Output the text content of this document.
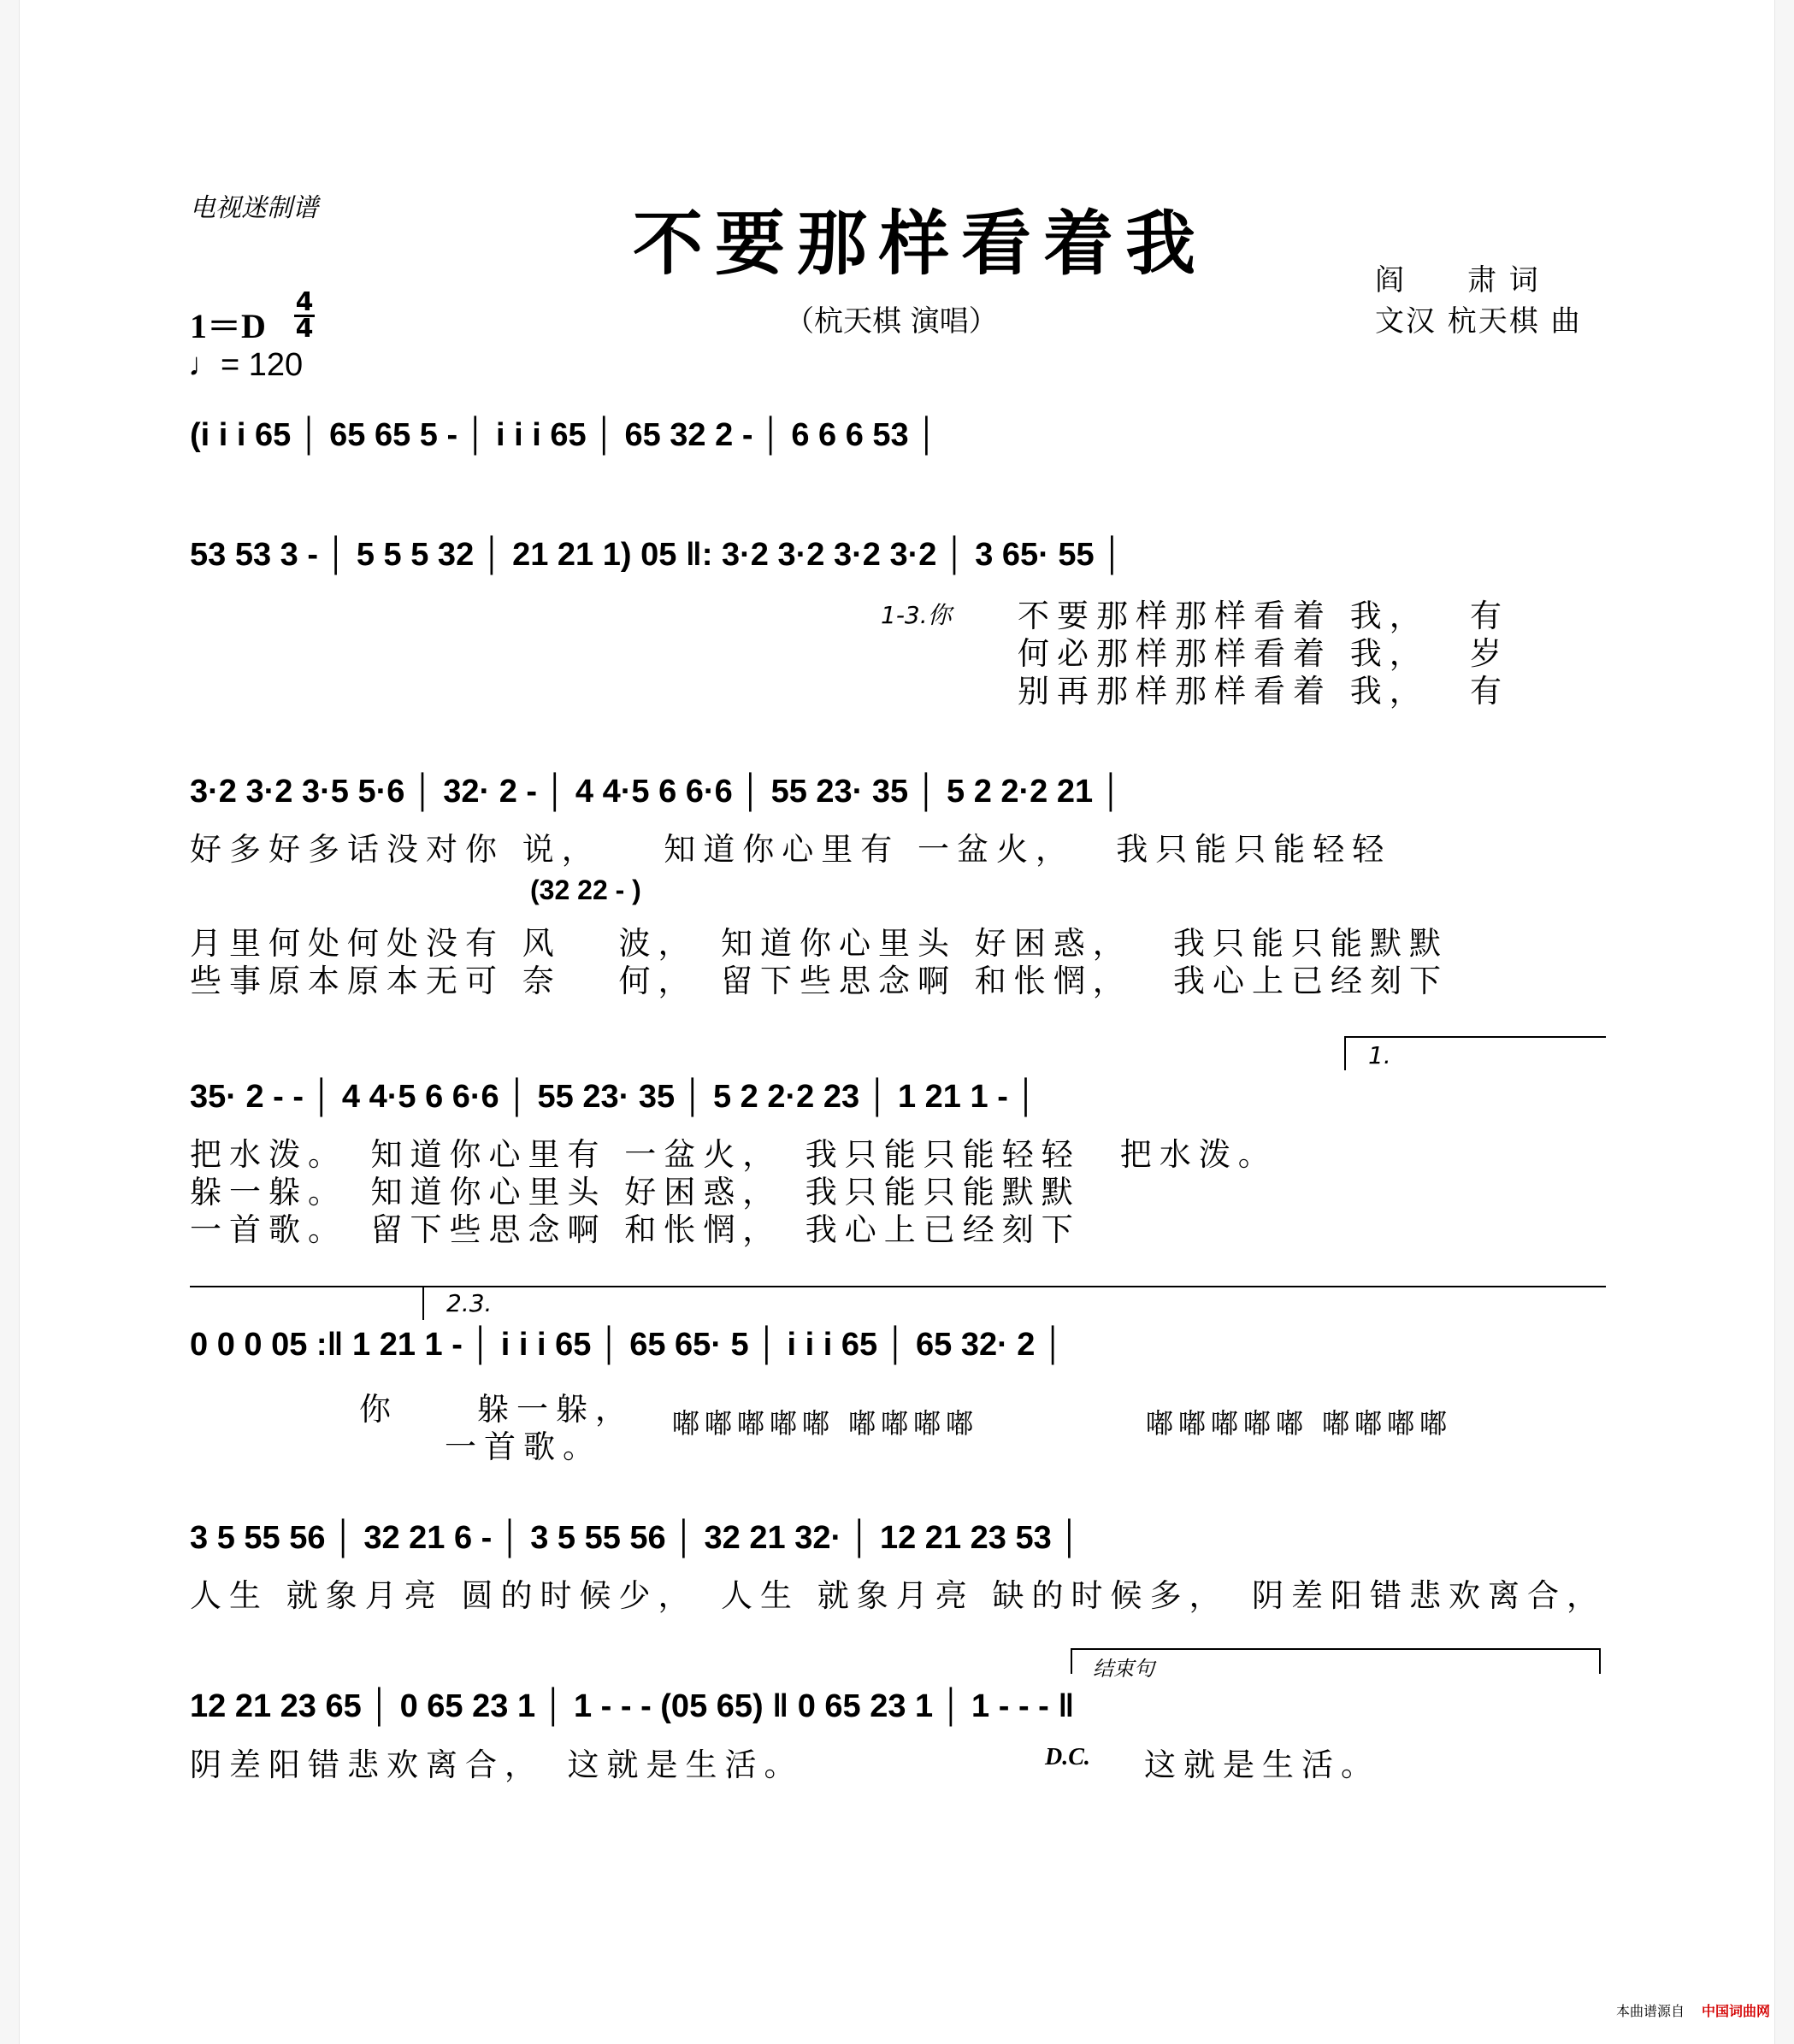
电视迷制谱	不要那样看着我
（杭天棋 演唱）
阎　　肃 词
文汉 杭天棋 曲
1＝D
4
4
♩= 120
(i i i 65 │ 65 65 5 - │ i i i 65 │ 65 32 2 - │ 6 6 6 53 │
53 53 3 - │ 5 5 5 32 │ 21 21 1) 05 ‖: 3·2 3·2 3·2 3·2 │ 3 65· 55 │
3·2 3·2 3·5 5·6 │ 32· 2 - │ 4 4·5 6 6·6 │ 55 23· 35 │ 5 2 2·2 21 │
35· 2 - - │ 4 4·5 6 6·6 │ 55 23· 35 │ 5 2 2·2 23 │ 1 21 1 - │
0 0 0 05 :‖ 1 21 1 - │ i i i 65 │ 65 65· 5 │ i i i 65 │ 65 32· 2 │
3 5 55 56 │ 32 21 6 - │ 3 5 55 56 │ 32 21 32· │ 12 21 23 53 │
12 21 23 65 │ 0 65 23 1 │ 1 - - - (05 65) ‖ 0 65 23 1 │ 1 - - - ‖
1-3.你 不要那样那样看着 我，　 有
何必那样那样看着 我，　 岁
别再那样那样看着 我，　 有
好多好多话没对你 说，　　知道你心里有 一盆火，　 我只能只能轻轻
(32 22 - )
月里何处何处没有 风　 波，　知道你心里头 好困惑，　 我只能只能默默
些事原本原本无可 奈　 何，　留下些思念啊 和怅惘，　 我心上已经刻下
1.
把水泼。　知道你心里有 一盆火，　我只能只能轻轻　把水泼。
躲一躲。　知道你心里头 好困惑，　我只能只能默默
一首歌。　留下些思念啊 和怅惘，　我心上已经刻下
2.3.
你　　躲一躲，
一首歌。
嘟嘟嘟嘟嘟 嘟嘟嘟嘟	嘟嘟嘟嘟嘟 嘟嘟嘟嘟
人生 就象月亮 圆的时候少，　人生 就象月亮 缺的时候多，　阴差阳错悲欢离合，
结束句
阴差阳错悲欢离合，　这就是生活。	D.C. 这就是生活。
本曲谱源自 中国词曲网
